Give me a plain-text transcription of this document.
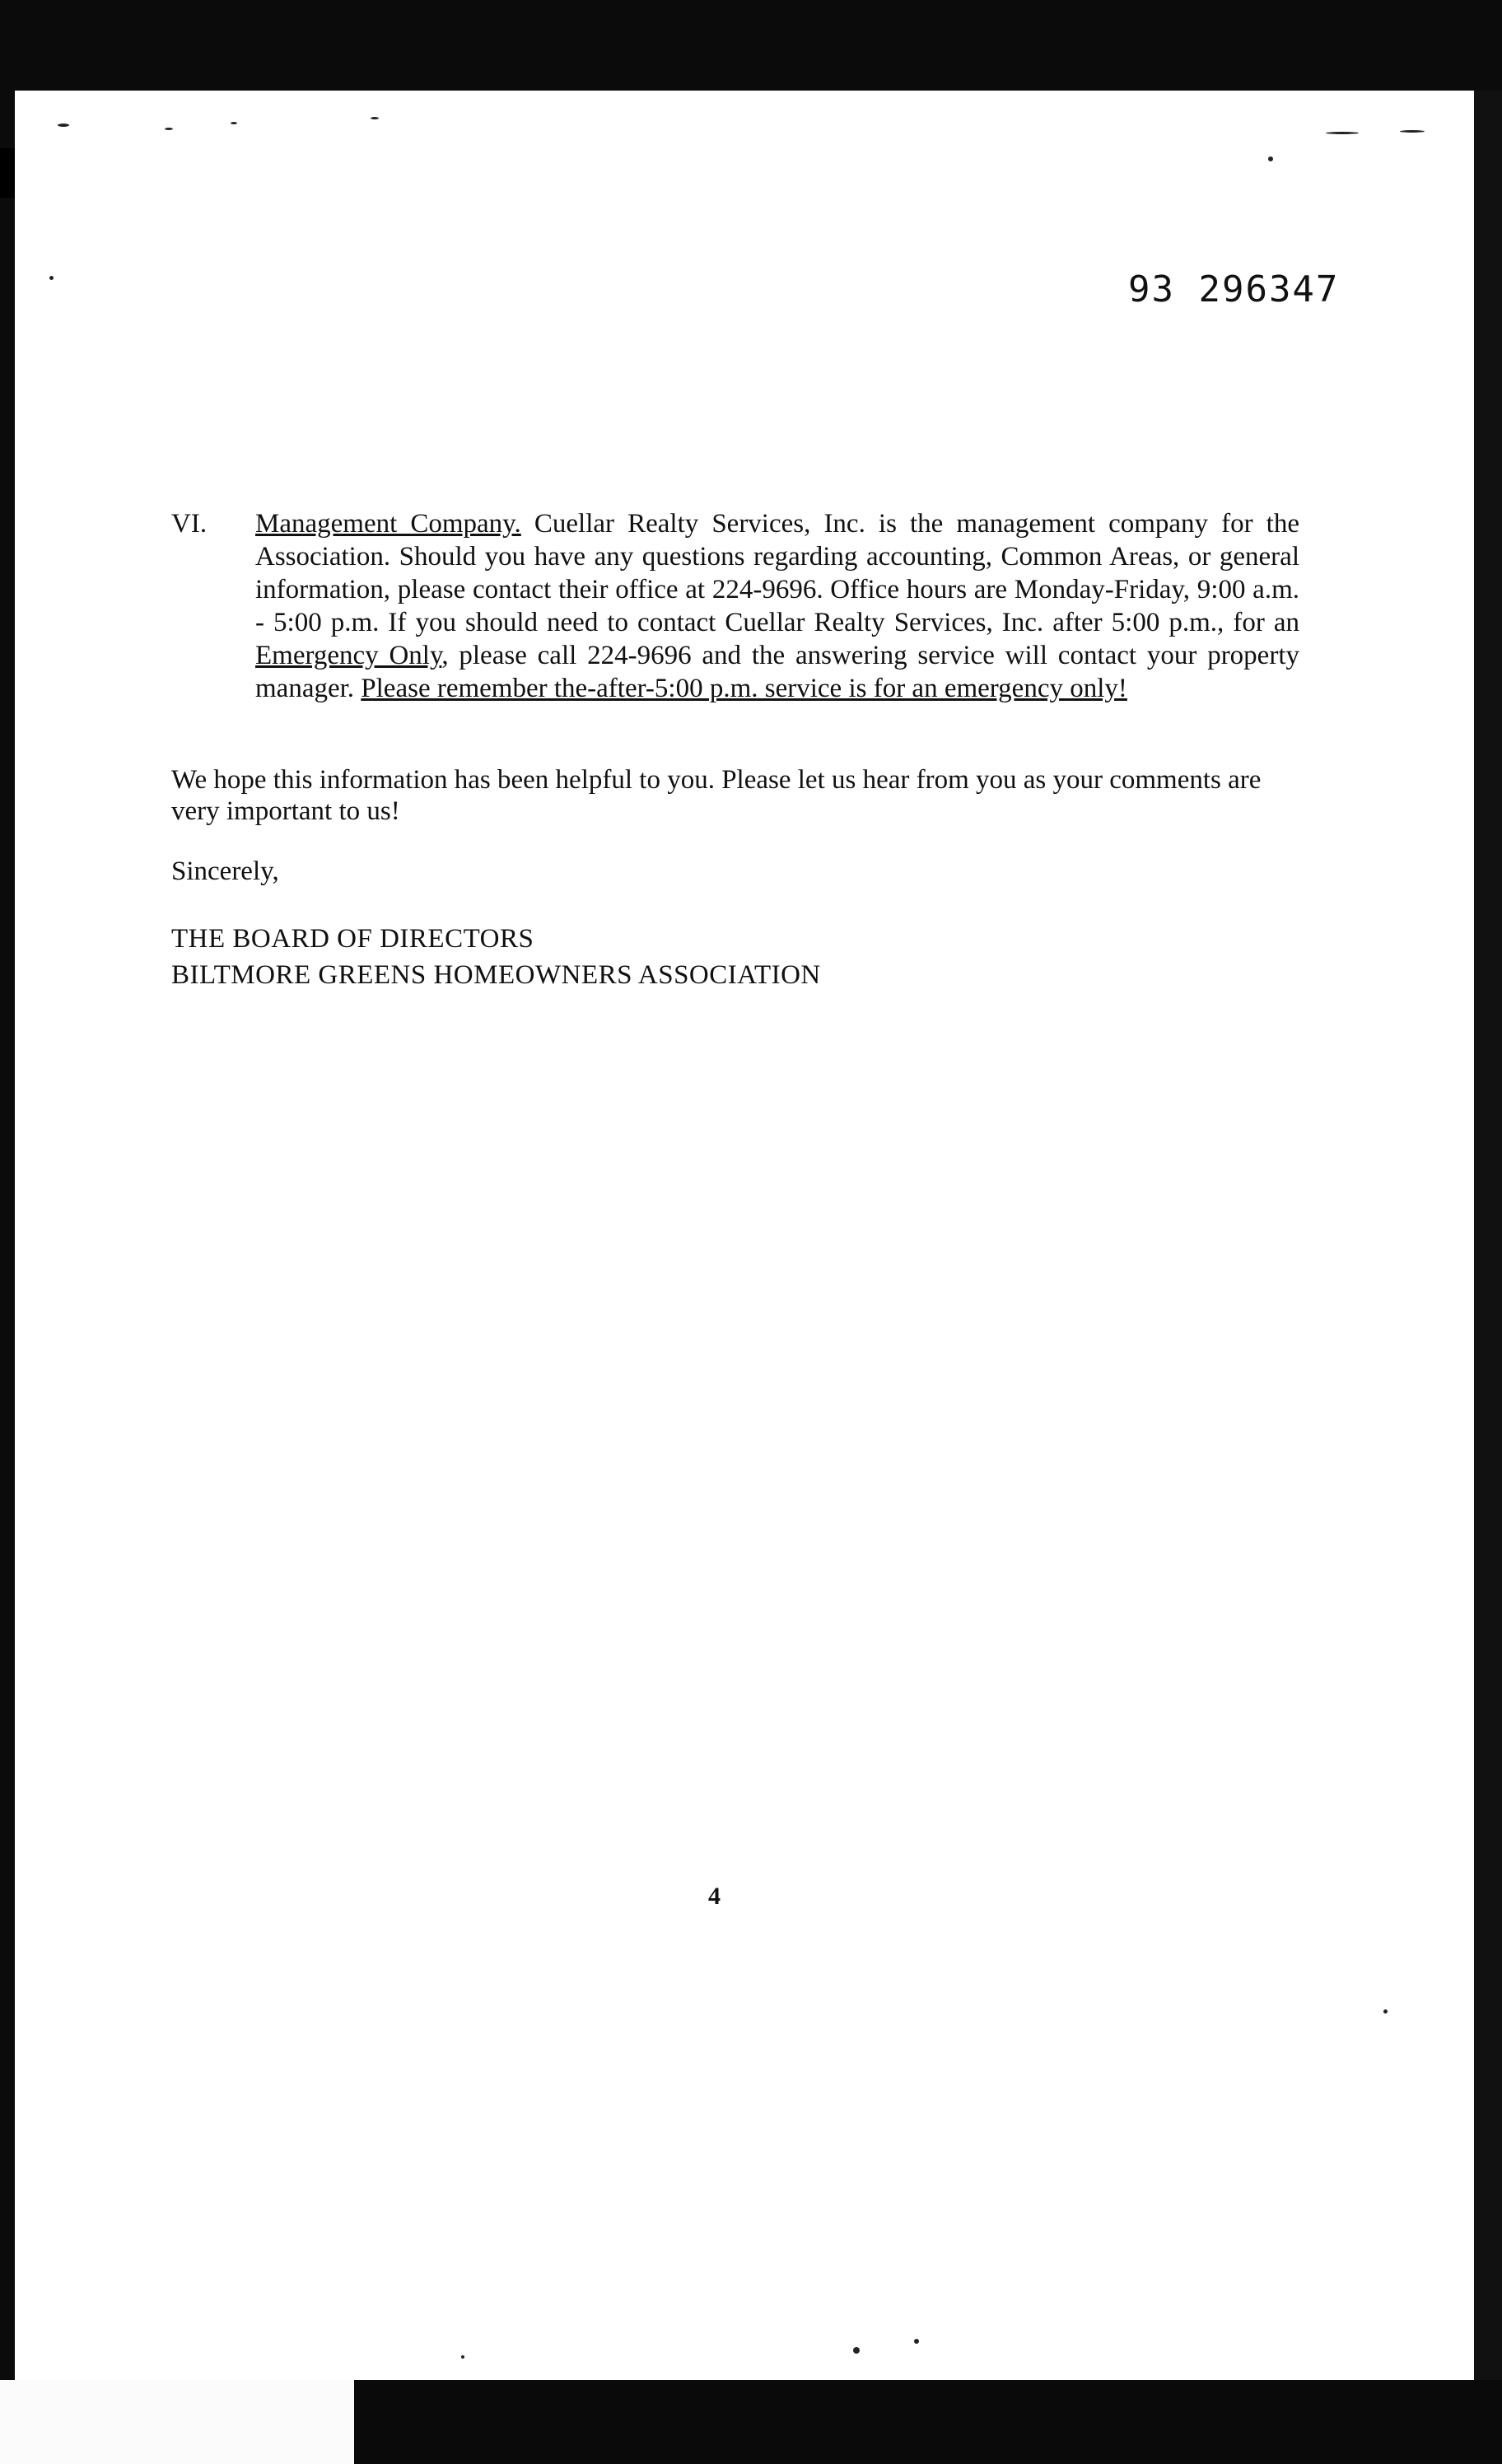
93 296347
VI. Management Company. Cuellar Realty Services, Inc. is the management company for the Association. Should you have any questions regarding accounting, Common Areas, or general information, please contact their office at 224-9696. Office hours are Monday-Friday, 9:00 a.m. - 5:00 p.m. If you should need to contact Cuellar Realty Services, Inc. after 5:00 p.m., for an Emergency Only, please call 224-9696 and the answering service will contact your property manager. Please remember the-after-5:00 p.m. service is for an emergency only!
We hope this information has been helpful to you. Please let us hear from you as your comments are very important to us!
Sincerely,
THE BOARD OF DIRECTORS
BILTMORE GREENS HOMEOWNERS ASSOCIATION
4
